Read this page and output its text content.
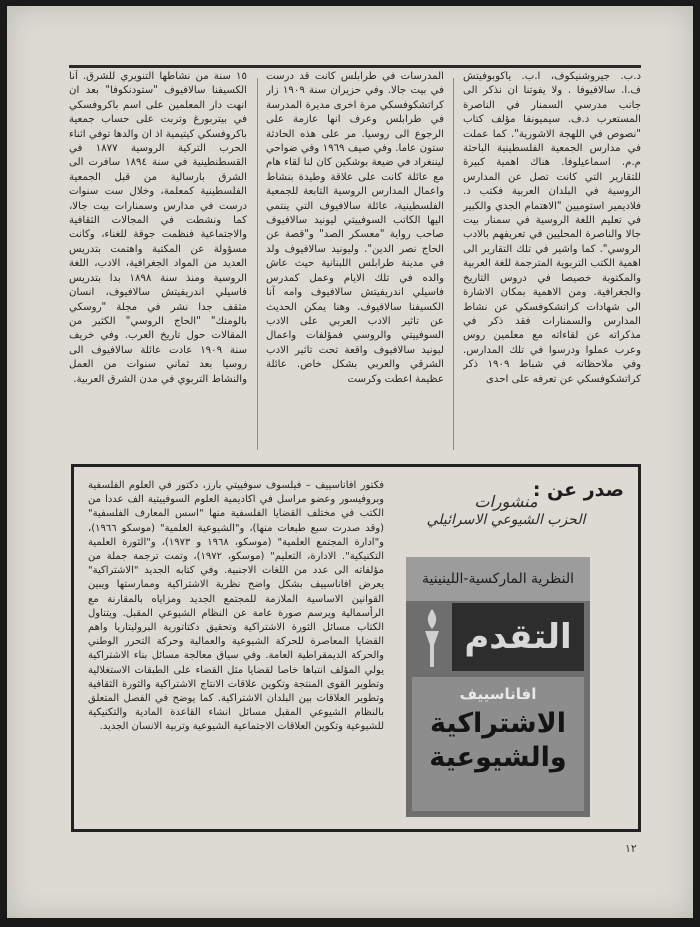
د.ب. جيروشنيكوف، ا.ب. ياكوبوفيتش ف.ا. سالافيوفا . ولا يفوتنا ان نذكر الى جانب مدرسي السمنار في الناصرة المستعرب د.ف. سيميونفا مؤلف كتاب "نصوص في اللهجة الاشورية". كما عملت في مدارس الجمعية الفلسطينية الباحثة م.م. اسماعيلوفا. هناك اهمية كبيرة للتقارير التي كانت تصل عن المدارس الروسية في البلدان العربية فكتب د. فلاديمير استوميين "الاهتمام الجدي والكبير في تعليم اللغة الروسية في سمنار بيت جالا والناصرة المحليين في تعريفهم بالادب الروسي". كما واشير في تلك التقارير الى اهمية الكتب التربوية المترجمة للغة العربية والمكتوبة خصيصا في دروس التاريخ والجغرافية. ومن الاهمية بمكان الاشارة الى شهادات كراتشكوفسكي عن نشاط المدارس والسمنارات فقد ذكر في مذكراته عن لقاءاته مع معلمين روس وعرب عملوا ودرسوا في تلك المدارس. وفي ملاحظاته في شباط ١٩٠٩ ذكر كراتشكوفسكي عن تعرفه على احدى
المدرسات في طرابلس كانت قد درست في بيت جالا. وفي حزيران سنة ١٩٠٩ زار كراتشكوفسكي مرة اخرى مديرة المدرسة في طرابلس وعرف انها عازمة على الرجوع الى روسيا. مر على هذه الحادثة ستون عاما. وفي صيف ١٩٦٩ وفي ضواحي ليننغراد في ضيعة بوشكين كان لنا لقاء هام مع عائلة كانت على علاقة وطيدة بنشاط واعمال المدارس الروسية التابعة للجمعية الفلسطينية، عائلة سالافيوف التي ينتمي اليها الكاتب السوفييتي ليونيد سالافيوف صاحب رواية "معسكر الصد" و"قصة عن الحاج نصر الدين". وليونيد سالافيوف ولد في مدينة طرابلس اللبنانية حيث عاش والده في تلك الايام وعمل كمدرس فاسيلي اندريفيتش سالافيوف وامه آنا الكسيفنا سالافيوف. وهنا يمكن الحديث عن تاثير الادب العربي على الادب السوفييتي والروسي فمؤلفات واعمال ليونيد سالافيوف واقعة تحت تاثير الادب الشرقي والعربي بشكل خاص. عائلة عظيمة اعطت وكرست
١٥ سنة من نشاطها التنويري للشرق. آنا الكسيفنا سالافيوف "ستودنكوفا" بعد ان انهت دار المعلمين على اسم باكروفسكي في بيتربورغ وتربت على حساب جمعية باكروفسكي كيتيمية اذ ان والدها توفي اثناء الحرب التركية الروسية ١٨٧٧ في القسطنطينية في سنة ١٨٩٤ سافرت الى الشرق بارسالية من قبل الجمعية الفلسطينية كمعلمة، وخلال ست سنوات درست في مدارس وسمنارات بيت جالا، كما ونشطت في المجالات الثقافية والاجتماعية فنظمت جوقة للغناء، وكانت مسؤولة عن المكتبة واهتمت بتدريس العديد من المواد الجغرافية، الادب، اللغة الروسية ومنذ سنة ١٨٩٨ بدا بتدريس فاسيلي اندريفيتش سالافيوف، انسان مثقف جدا نشر في مجلة "روسكي بالومنك" "الحاج الروسي" الكثير من المقالات حول تاريخ العرب. وفي خريف سنة ١٩٠٩ عادت عائلة سالافيوف الى روسيا بعد ثماني سنوات من العمل والنشاط التربوي في مدن الشرق العربية.
فكتور افاناسييف – فيلسوف سوفييتي بارز، دكتور في العلوم الفلسفية وبروفيسور وعضو مراسل في اكاديمية العلوم السوفييتية الف عددا من الكتب في مختلف القضايا الفلسفية منها "اسس المعارف الفلسفية" (وقد صدرت سبع طبعات منها)، و"الشيوعية العلمية" (موسكو ١٩٦٦)، و"ادارة المجتمع العلمية" (موسكو، ١٩٦٨ و ١٩٧٣)، و"الثورة العلمية التكنيكية". الادارة، التعليم" (موسكو، ١٩٧٢)، وتمت ترجمة جملة من مؤلفاته الى عدد من اللغات الاجنبية. وفي كتابه الجديد "الاشتراكية" يعرض افاناسييف بشكل واضح نظرية الاشتراكية وممارستها ويبين القوانين الاساسية الملازمة للمجتمع الجديد ومزاياه بالمقارنة مع الرأسمالية ويرسم صورة عامة عن النظام الشيوعي المقبل. ويتناول الكتاب مسائل الثورة الاشتراكية وتحقيق دكتاتورية البروليتاريا واهم القضايا المعاصرة للحركة الشيوعية والعمالية وحركة التحرر الوطني والحركة الديمقراطية العامة. وفي سياق معالجة مسائل بناء الاشتراكية يولي المؤلف انتباها خاصا لقضايا مثل القضاء على الطبقات الاستغلالية وتطوير القوى المنتجة وتكوين علاقات الانتاج الاشتراكية والثورة الثقافية وتطوير العلاقات بين البلدان الاشتراكية. كما يوضح في الفصل المتعلق بالنظام الشيوعي المقبل مسائل انشاء القاعدة المادية والتكنيكية للشيوعية وتكوين العلاقات الاجتماعية الشيوعية وتربية الانسان الجديد.
صدر عن :
منشورات
الحزب الشيوعي الاسرائيلي
النظرية الماركسية-اللينينية
التقدم
افاناسييف
الاشتراكية والشيوعية
١٢
